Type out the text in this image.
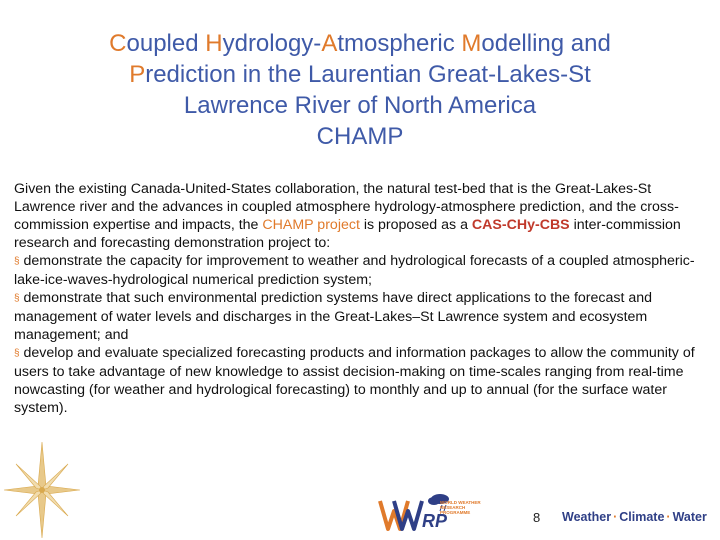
Coupled Hydrology-Atmospheric Modelling and
Prediction in the Laurentian Great-Lakes-St
Lawrence River of North America
CHAMP

Given the existing Canada-United-States collaboration, the natural test-bed that is the Great-Lakes-St Lawrence river and the advances in coupled atmosphere hydrology-atmosphere prediction, and the cross-commission expertise and impacts, the CHAMP project is proposed as a CAS-CHy-CBS inter-commission research and forecasting demonstration project to:

§ demonstrate the capacity for improvement to weather and hydrological forecasts of a coupled atmospheric-lake-ice-waves-hydrological numerical prediction system;

§ demonstrate that such environmental prediction systems have direct applications to the forecast and management of water levels and discharges in the Great-Lakes–St Lawrence system and ecosystem management; and

§ develop and evaluate specialized forecasting products and information packages to allow the community of users to take advantage of new knowledge to assist decision-making on time-scales ranging from real-time nowcasting (for weather and hydrological forecasting) to monthly and up to annual (for the surface water system).

RP
WORLD WEATHER RESEARCH PROGRAMME	8 Weather · Climate · Water
